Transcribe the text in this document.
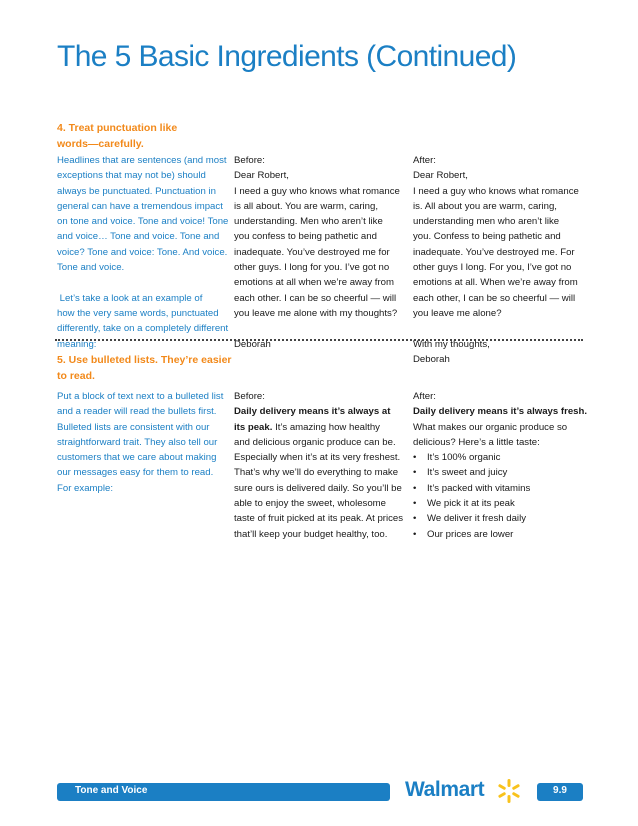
The 5 Basic Ingredients (Continued)
4. Treat punctuation like
words—carefully.
Headlines that are sentences (and most
exceptions that may not be) should
always be punctuated. Punctuation in
general can have a tremendous impact
on tone and voice. Tone and voice! Tone
and voice… Tone and voice. Tone and
voice? Tone and voice: Tone. And voice.
Tone and voice.
Let’s take a look at an example of
how the very same words, punctuated
differently, take on a completely different
meaning:
Before:
Dear Robert,
I need a guy who knows what romance
is all about. You are warm, caring,
understanding. Men who aren’t like
you confess to being pathetic and
inadequate. You’ve destroyed me for
other guys. I long for you. I’ve got no
emotions at all when we’re away from
each other. I can be so cheerful — will
you leave me alone with my thoughts?
Deborah
After:
Dear Robert,
I need a guy who knows what romance
is. All about you are warm, caring,
understanding men who aren’t like
you. Confess to being pathetic and
inadequate. You’ve destroyed me. For
other guys I long. For you, I’ve got no
emotions at all. When we’re away from
each other, I can be so cheerful — will
you leave me alone?
With my thoughts,
Deborah
5. Use bulleted lists. They’re easier
to read.
Put a block of text next to a bulleted list
and a reader will read the bullets first.
Bulleted lists are consistent with our
straightforward trait. They also tell our
customers that we care about making
our messages easy for them to read.
For example:
Before:
Daily delivery means it’s always at
its peak. It’s amazing how healthy
and delicious organic produce can be.
Especially when it’s at its very freshest.
That’s why we’ll do everything to make
sure ours is delivered daily. So you’ll be
able to enjoy the sweet, wholesome
taste of fruit picked at its peak. At prices
that’ll keep your budget healthy, too.
After:
Daily delivery means it’s always fresh.
What makes our organic produce so
delicious? Here’s a little taste:
• It’s 100% organic
• It’s sweet and juicy
• It’s packed with vitamins
• We pick it at its peak
• We deliver it fresh daily
• Our prices are lower
Tone and Voice	Walmart	9.9
